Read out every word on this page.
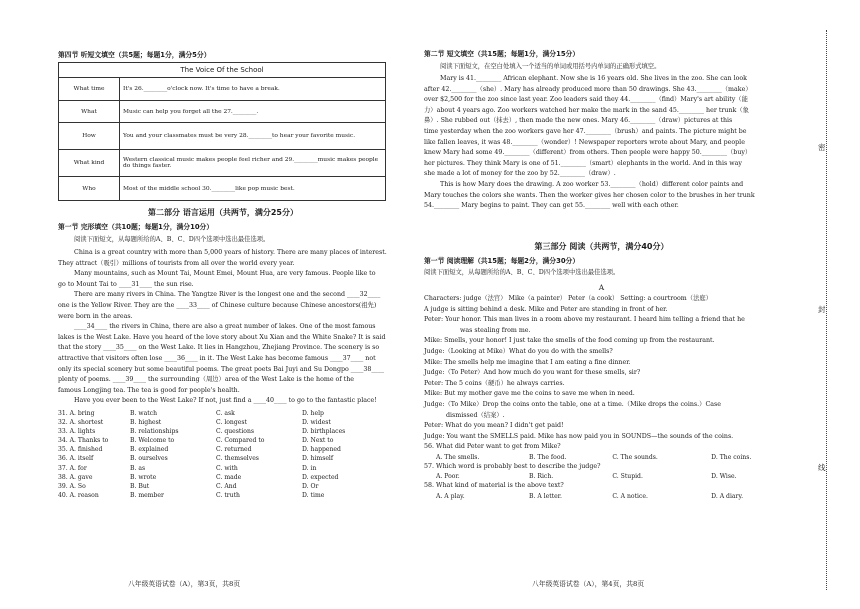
第四节 听短文填空（共5题；每题1分，满分5分）
The Voice Of the School	
What time	It's 26.________o'clock now. It's time to have a break.
What	Music can help you forget all the 27.________.
How	You and your classmates must be very 28.________to hear your favorite music.
What kind	Western classical music makes people feel richer and 29.________music makes people do things faster.
Who	Most of the middle school 30.________like pop music best.
第二部分 语言运用（共两节，满分25分）
第一节 完形填空（共10题；每题1分，满分10分）
阅读下面短文，从每题所给的A、B、C、D四个选项中选出最佳选项。
China is a great country with more than 5,000 years of history. There are many places of interest.
They attract（吸引）millions of tourists from all over the world every year.
Many mountains, such as Mount Tai, Mount Emei, Mount Hua, are very famous. People like to
go to Mount Tai to ____31____ the sun rise.
There are many rivers in China. The Yangtze River is the longest one and the second ____32____
one is the Yellow River. They are the ____33____ of Chinese culture because Chinese ancestors(祖先)
were born in the areas.
____34____ the rivers in China, there are also a great number of lakes. One of the most famous
lakes is the West Lake. Have you heard of the love story about Xu Xian and the White Snake? It is said
that the story ____35____ on the West Lake. It lies in Hangzhou, Zhejiang Province. The scenery is so
attractive that visitors often lose ____36____ in it. The West Lake has become famous ____37____ not
only its special scenery but some beautiful poems. The great poets Bai Juyi and Su Dongpo ____38____
plenty of poems. ____39____ the surrounding（周边）area of the West Lake is the home of the
famous Longjing tea. The tea is good for people's health.
Have you ever been to the West Lake? If not, just find a ____40____ to go to the fantastic place!
31. A. bring	B. watch	C. ask	D. help
32. A. shortest	B. highest	C. longest	D. widest
33. A. lights	B. relationships	C. questions	D. birthplaces
34. A. Thanks to	B. Welcome to	C. Compared to	D. Next to
35. A. finished	B. explained	C. returned	D. happened
36. A. itself	B. ourselves	C. themselves	D. himself
37. A. for	B. as	C. with	D. in
38. A. gave	B. wrote	C. made	D. expected
39. A. So	B. But	C. And	D. Or
40. A. reason	B. member	C. truth	D. time
八年级英语试卷（A），第3页，共8页
第二节 短文填空（共15题；每题1分，满分15分）
阅读下面短文，在空白处填入一个适当的单词或用括号内单词的正确形式填空。
Mary is 41.________ African elephant. Now she is 16 years old. She lives in the zoo. She can look
after 42.________（she）. Mary has already produced more than 50 drawings. She 43.________（make）
over $2,500 for the zoo since last year. Zoo leaders said they 44.________（find）Mary's art ability（能
力）about 4 years ago. Zoo workers watched her make the mark in the sand 45.________ her trunk（象
鼻）. She rubbed out（抹去）, then made the new ones. Mary 46.________（draw）pictures at this
time yesterday when the zoo workers gave her 47.________（brush）and paints. The picture might be
like fallen leaves, it was 48.________（wonder）! Newspaper reporters wrote about Mary, and people
knew Mary had some 49.________（different）from others. Then people were happy 50.________（buy）
her pictures. They think Mary is one of 51.________（smart）elephants in the world. And in this way
she made a lot of money for the zoo by 52.________（draw）.
This is how Mary does the drawing. A zoo worker 53.________（hold）different color paints and
Mary touches the colors she wants. Then the worker gives her chosen color to the brushes in her trunk
54.________ Mary begins to paint. They can get 55.________ well with each other.
第三部分 阅读（共两节，满分40分）
第一节 阅读理解（共15题；每题2分，满分30分）
阅读下面短文，从每题所给的A、B、C、D四个选项中选出最佳选项。
A
Characters: judge（法官） Mike（a painter） Peter（a cook） Setting: a courtroom（法庭）
A judge is sitting behind a desk. Mike and Peter are standing in front of her.
Peter: Your honor. This man lives in a room above my restaurant. I heard him telling a friend that he
was stealing from me.
Mike: Smells, your honor! I just take the smells of the food coming up from the restaurant.
Judge:（Looking at Mike）What do you do with the smells?
Mike: The smells help me imagine that I am eating a fine dinner.
Judge:（To Peter）And how much do you want for these smells, sir?
Peter: The 5 coins（硬币）he always carries.
Mike: But my mother gave me the coins to save me when in need.
Judge:（To Mike）Drop the coins onto the table, one at a time.（Mike drops the coins.）Case
dismissed（结案）.
Peter: What do you mean? I didn't get paid!
Judge: You want the SMELLS paid. Mike has now paid you in SOUNDS—the sounds of the coins.
56. What did Peter want to get from Mike?
A. The smells.	B. The food.	C. The sounds.	D. The coins.
57. Which word is probably best to describe the judge?
A. Poor.	B. Rich.	C. Stupid.	D. Wise.
58. What kind of material is the above text?
A. A play.	B. A letter.	C. A notice.	D. A diary.
八年级英语试卷（A），第4页，共8页
密
封
线
